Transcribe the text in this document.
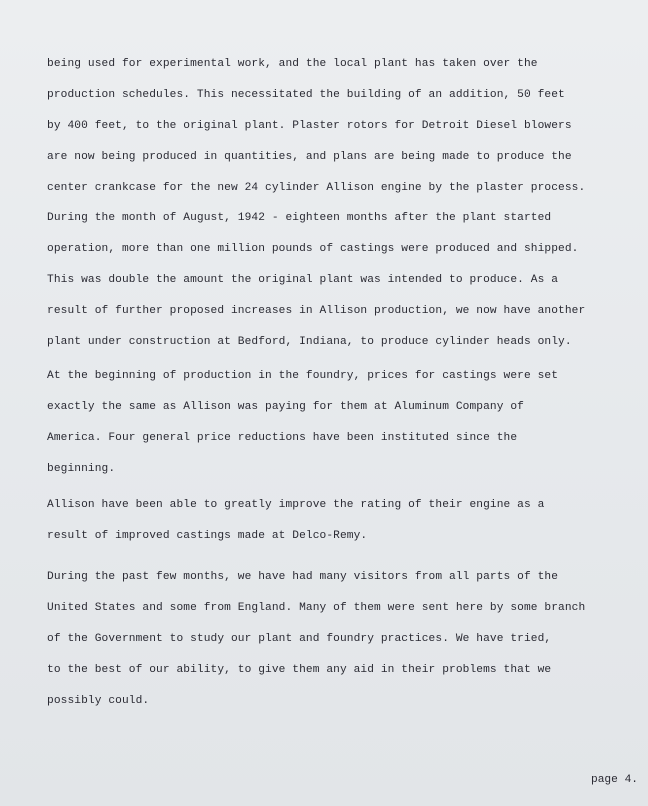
being used for experimental work, and the local plant has taken over the
production schedules. This necessitated the building of an addition, 50 feet
by 400 feet, to the original plant. Plaster rotors for Detroit Diesel blowers
are now being produced in quantities, and plans are being made to produce the
center crankcase for the new 24 cylinder Allison engine by the plaster process.
During the month of August, 1942 - eighteen months after the plant started
operation, more than one million pounds of castings were produced and shipped.
This was double the amount the original plant was intended to produce. As a
result of further proposed increases in Allison production, we now have another
plant under construction at Bedford, Indiana, to produce cylinder heads only.
At the beginning of production in the foundry, prices for castings were set
exactly the same as Allison was paying for them at Aluminum Company of
America. Four general price reductions have been instituted since the
beginning.
Allison have been able to greatly improve the rating of their engine as a
result of improved castings made at Delco-Remy.
During the past few months, we have had many visitors from all parts of the
United States and some from England. Many of them were sent here by some branch
of the Government to study our plant and foundry practices. We have tried,
to the best of our ability, to give them any aid in their problems that we
possibly could.
page 4.
